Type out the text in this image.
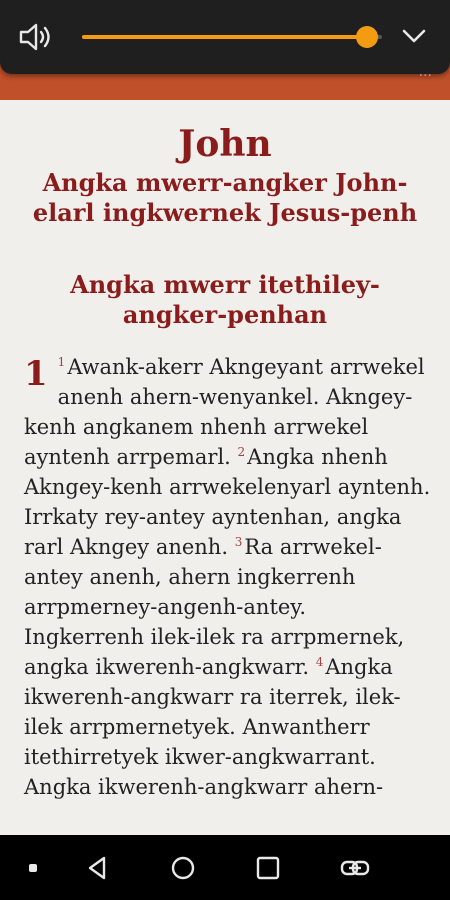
John
Angka mwerr-angker John-elarl ingkwernek Jesus-penh
Angka mwerr itethiley-angker-penhan
1 $^1$Awank-akerr Akngeyant arrwekel anenh ahern-wenyankel. Akngey-kenh angkanem nhenh arrwekel ayntenh arrpemarl. $^2$Angka nhenh Akngey-kenh arrwekelenyarl ayntenh. Irrkaty rey-antey ayntenhan, angka rarl Akngey anenh. $^3$Ra arrwekel-antey anenh, ahern ingkerrenh arrpmerney-angenh-antey. Ingkerrenh ilek-ilek ra arrpmernek, angka ikwerenh-angkwarr. $^4$Angka ikwerenh-angkwarr ra iterrek, ilek-ilek arrpmernetyek. Anwantherr itethirretyek ikwer-angkwarrant. Angka ikwerenh-angkwarr ahern-
